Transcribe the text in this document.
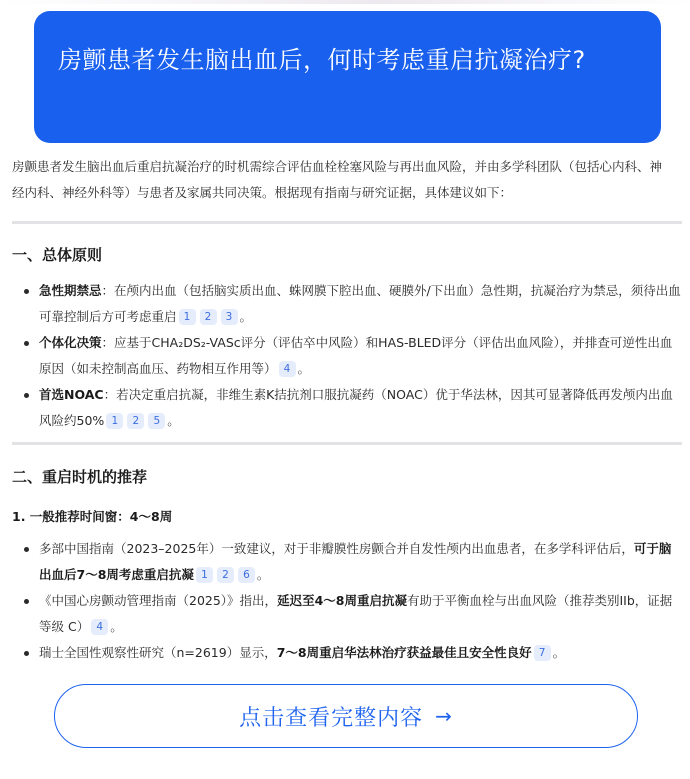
房颤患者发生脑出血后，何时考虑重启抗凝治疗?

房颤患者发生脑出血后重启抗凝治疗的时机需综合评估血栓栓塞风险与再出血风险，并由多学科团队（包括心内科、神经内科、神经外科等）与患者及家属共同决策。根据现有指南与研究证据，具体建议如下：

一、总体原则
急性期禁忌：在颅内出血（包括脑实质出血、蛛网膜下腔出血、硬膜外/下出血）急性期，抗凝治疗为禁忌，须待出血可靠控制后方可考虑重启 1 2 3 。
个体化决策：应基于CHA₂DS₂-VASc评分（评估卒中风险）和HAS-BLED评分（评估出血风险），并排查可逆性出血原因（如未控制高血压、药物相互作用等） 4 。
首选NOAC：若决定重启抗凝，非维生素K拮抗剂口服抗凝药（NOAC）优于华法林，因其可显著降低再发颅内出血风险约50% 1 2 5 。
二、重启时机的推荐

1. 一般推荐时间窗：4～8周

多部中国指南（2023–2025年）一致建议，对于非瓣膜性房颤合并自发性颅内出血患者，在多学科评估后，可于脑出血后7～8周考虑重启抗凝 1 2 6 。
《中国心房颤动管理指南（2025）》指出，延迟至4～8周重启抗凝有助于平衡血栓与出血风险（推荐类别IIb，证据等级 C） 4 。
瑞士全国性观察性研究（n=2619）显示，7～8周重启华法林治疗获益最佳且安全性良好 7 。
点击查看完整内容 →
